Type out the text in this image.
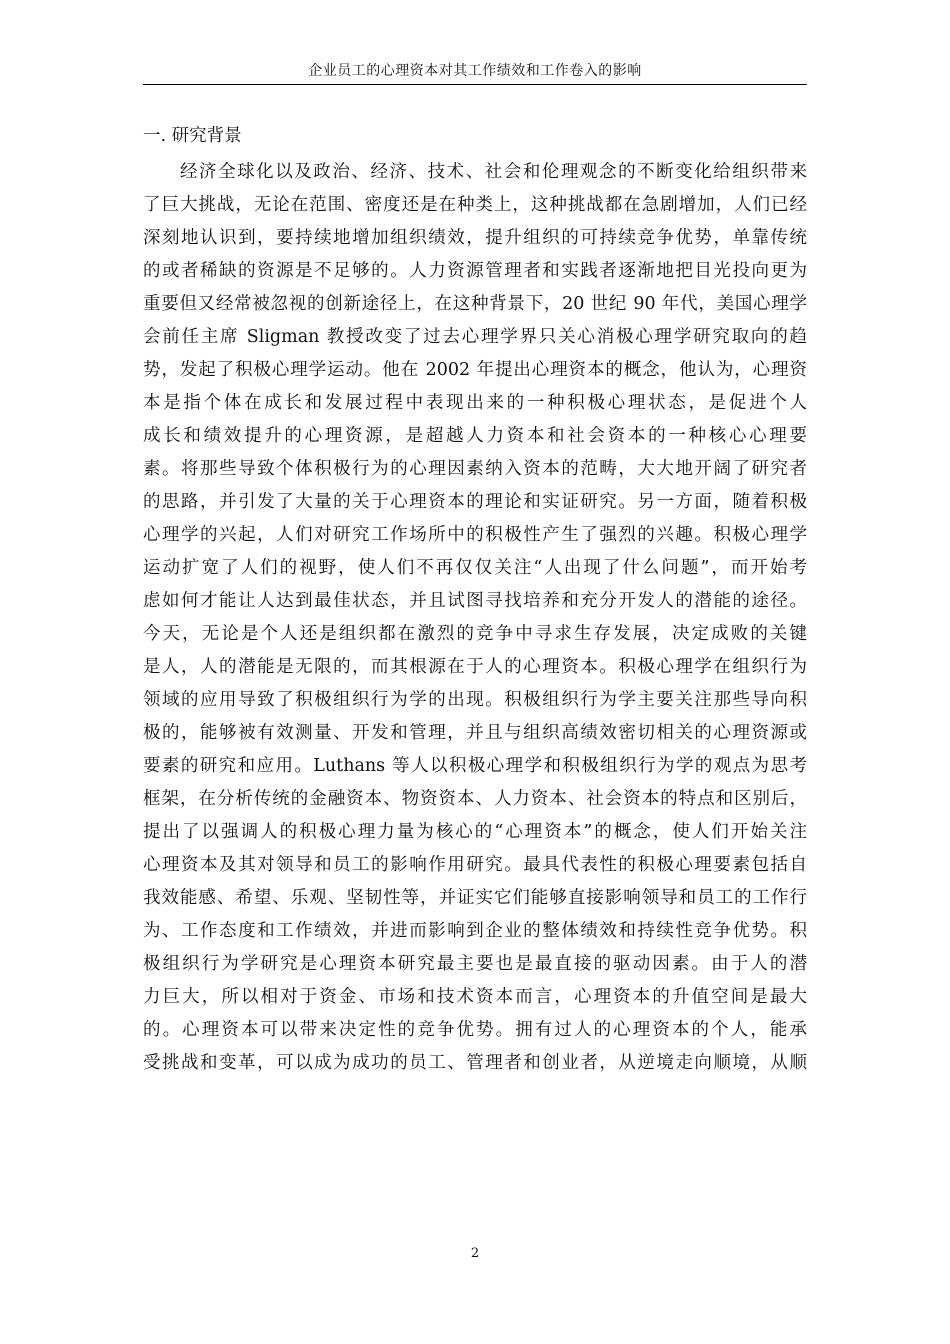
企业员工的心理资本对其工作绩效和工作卷入的影响
一. 研究背景
经济全球化以及政治、经济、技术、社会和伦理观念的不断变化给组织带来
了巨大挑战，无论在范围、密度还是在种类上，这种挑战都在急剧增加，人们已经
深刻地认识到，要持续地增加组织绩效，提升组织的可持续竞争优势，单靠传统
的或者稀缺的资源是不足够的。人力资源管理者和实践者逐渐地把目光投向更为
重要但又经常被忽视的创新途径上，在这种背景下，20 世纪 90 年代，美国心理学
会前任主席 Sligman 教授改变了过去心理学界只关心消极心理学研究取向的趋
势，发起了积极心理学运动。他在 2002 年提出心理资本的概念，他认为，心理资
本是指个体在成长和发展过程中表现出来的一种积极心理状态，是促进个人
成长和绩效提升的心理资源，是超越人力资本和社会资本的一种核心心理要
素。将那些导致个体积极行为的心理因素纳入资本的范畴，大大地开阔了研究者
的思路，并引发了大量的关于心理资本的理论和实证研究。另一方面，随着积极
心理学的兴起，人们对研究工作场所中的积极性产生了强烈的兴趣。积极心理学
运动扩宽了人们的视野，使人们不再仅仅关注“人出现了什么问题”，而开始考
虑如何才能让人达到最佳状态，并且试图寻找培养和充分开发人的潜能的途径。
今天，无论是个人还是组织都在激烈的竞争中寻求生存发展，决定成败的关键
是人，人的潜能是无限的，而其根源在于人的心理资本。积极心理学在组织行为
领域的应用导致了积极组织行为学的出现。积极组织行为学主要关注那些导向积
极的，能够被有效测量、开发和管理，并且与组织高绩效密切相关的心理资源或
要素的研究和应用。Luthans 等人以积极心理学和积极组织行为学的观点为思考
框架，在分析传统的金融资本、物资资本、人力资本、社会资本的特点和区别后，
提出了以强调人的积极心理力量为核心的“心理资本”的概念，使人们开始关注
心理资本及其对领导和员工的影响作用研究。最具代表性的积极心理要素包括自
我效能感、希望、乐观、坚韧性等，并证实它们能够直接影响领导和员工的工作行
为、工作态度和工作绩效，并进而影响到企业的整体绩效和持续性竞争优势。积
极组织行为学研究是心理资本研究最主要也是最直接的驱动因素。由于人的潜
力巨大，所以相对于资金、市场和技术资本而言，心理资本的升值空间是最大
的。心理资本可以带来决定性的竞争优势。拥有过人的心理资本的个人，能承
受挑战和变革，可以成为成功的员工、管理者和创业者，从逆境走向顺境，从顺
2
